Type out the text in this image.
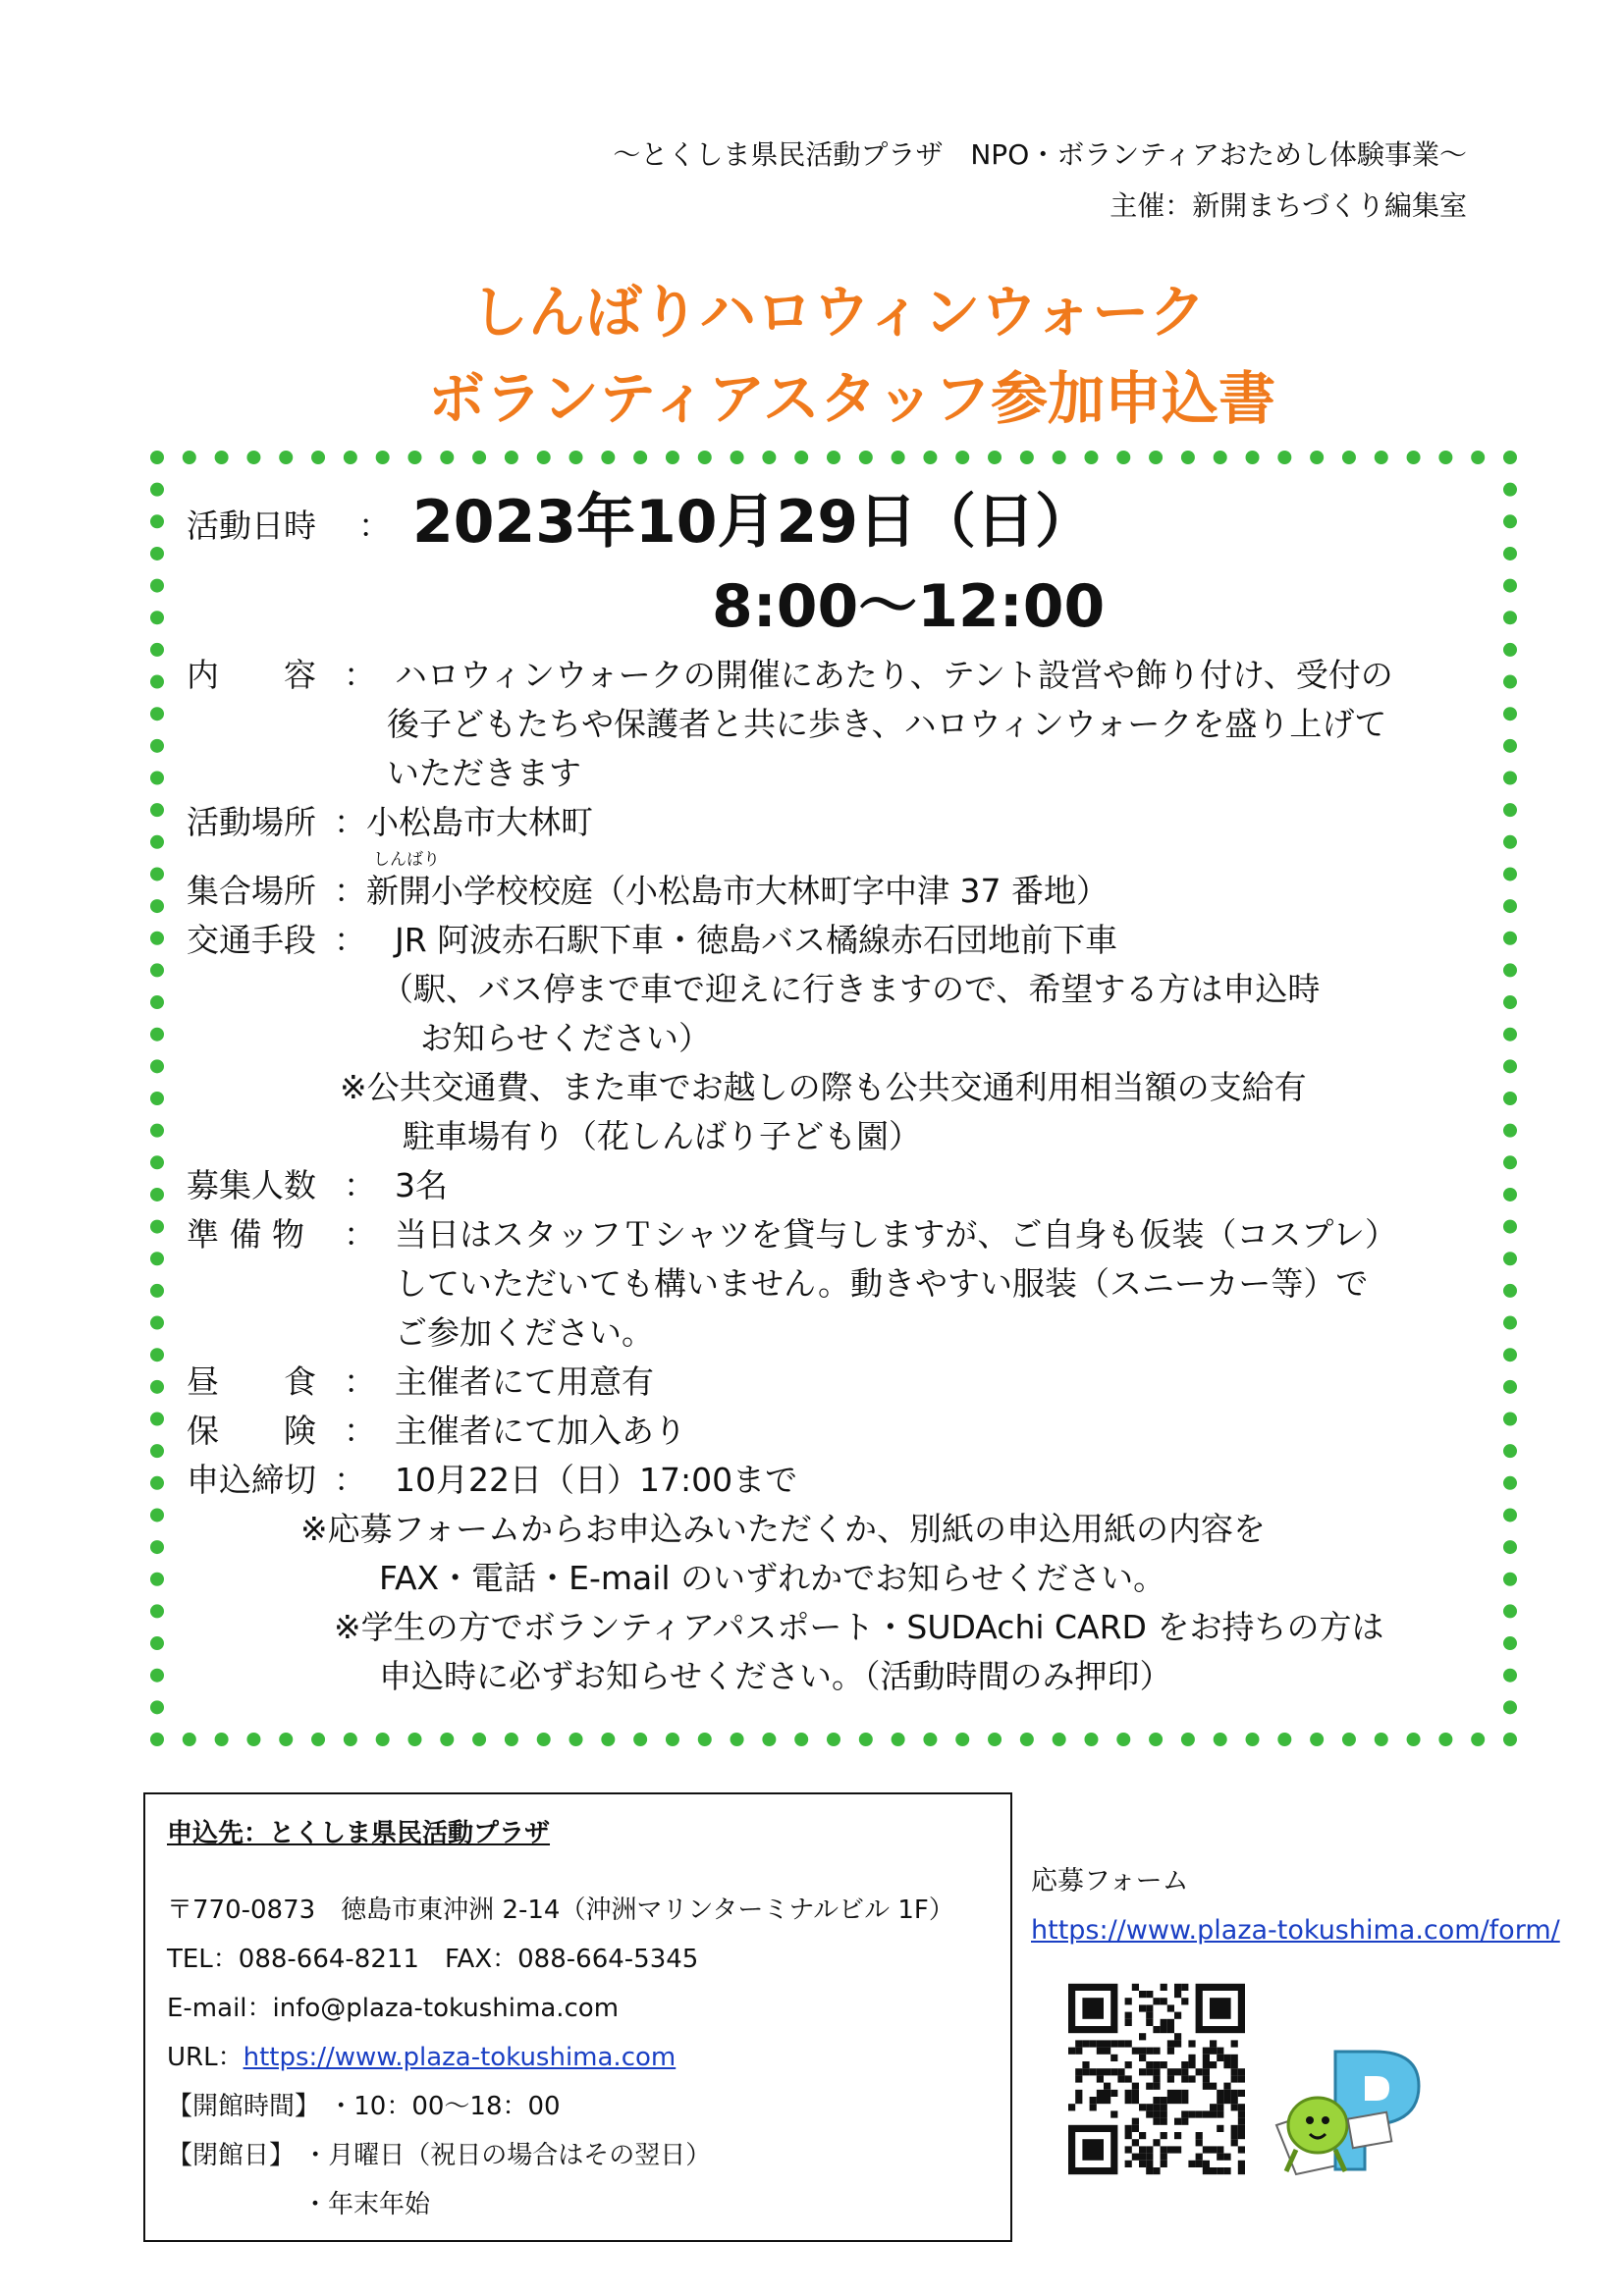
～とくしま県民活動プラザ　NPO・ボランティアおためし体験事業～
主催：新開まちづくり編集室
しんばりハロウィンウォーク
ボランティアスタッフ参加申込書
活動日時 ： 2023年10月29日（日）
8:00～12:00
内　　容 ： ハロウィンウォークの開催にあたり、テント設営や飾り付け、受付の
後子どもたちや保護者と共に歩き、ハロウィンウォークを盛り上げて
いただきます
活動場所 ：小松島市大林町
しんばり
集合場所 ：新開小学校校庭（小松島市大林町字中津 37 番地）
交通手段 ： JR 阿波赤石駅下車・徳島バス橘線赤石団地前下車
（駅、バス停まで車で迎えに行きますので、希望する方は申込時
お知らせください）
※公共交通費、また車でお越しの際も公共交通利用相当額の支給有
駐車場有り（花しんばり子ども園）
募集人数 ： 3名
準 備 物 ： 当日はスタッフＴシャツを貸与しますが、ご自身も仮装（コスプレ）
していただいても構いません。動きやすい服装（スニーカー等）で
ご参加ください。
昼　　食 ： 主催者にて用意有
保　　険 ： 主催者にて加入あり
申込締切 ： 10月22日（日）17:00まで
※応募フォームからお申込みいただくか、別紙の申込用紙の内容を
FAX・電話・E-mail のいずれかでお知らせください。
※学生の方でボランティアパスポート・SUDAchi CARD をお持ちの方は
申込時に必ずお知らせください。（活動時間のみ押印）
申込先：とくしま県民活動プラザ
〒770-0873　徳島市東沖洲 2-14（沖洲マリンターミナルビル 1F）
TEL：088-664-8211　FAX：088-664-5345
E-mail：info@plaza-tokushima.com
URL：https://www.plaza-tokushima.com
【開館時間】 ・10：00～18：00
【閉館日】 ・月曜日（祝日の場合はその翌日）
・年末年始
応募フォーム
https://www.plaza-tokushima.com/form/
